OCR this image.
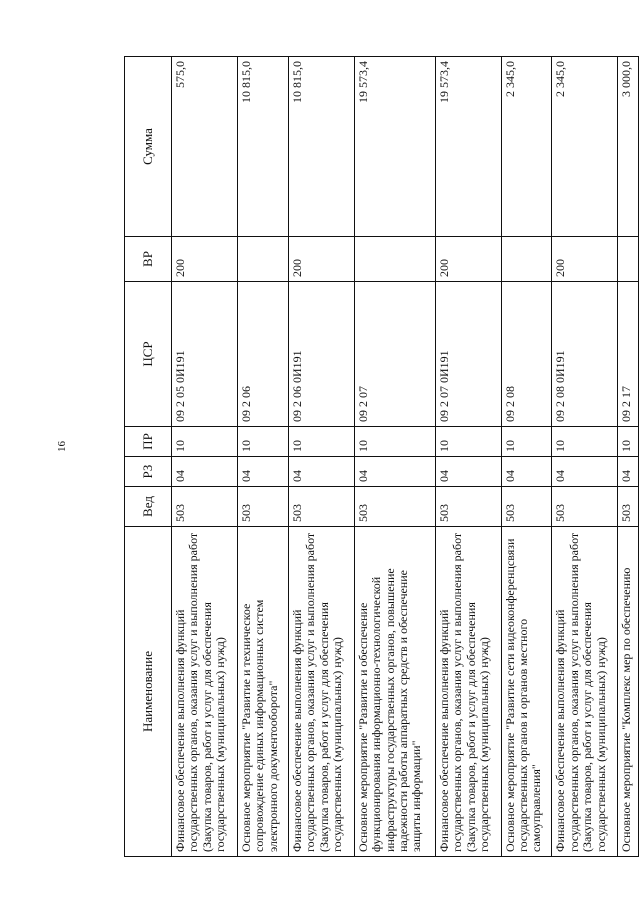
16
Наименование	Вед	РЗ	ПР	ЦСР	ВР	Сумма
Финансовое обеспечение выполнения функций государственных органов, оказания услуг и выполнения работ (Закупка товаров, работ и услуг для обеспечения государственных (муниципальных) нужд)	503	04	10	09 2 05 0И191	200	575,0
Основное мероприятие "Развитие и техническое сопровождение единых информационных систем электронного документооборота"	503	04	10	09 2 06		10 815,0
Финансовое обеспечение выполнения функций государственных органов, оказания услуг и выполнения работ (Закупка товаров, работ и услуг для обеспечения государственных (муниципальных) нужд)	503	04	10	09 2 06 0И191	200	10 815,0
Основное мероприятие "Развитие и обеспечение функционирования информационно-технологической инфраструктуры государственных органов, повышение надежности работы аппаратных средств и обеспечение защиты информации"	503	04	10	09 2 07		19 573,4
Финансовое обеспечение выполнения функций государственных органов, оказания услуг и выполнения работ (Закупка товаров, работ и услуг для обеспечения государственных (муниципальных) нужд)	503	04	10	09 2 07 0И191	200	19 573,4
Основное мероприятие "Развитие сети видеоконференцсвязи государственных органов и органов местного самоуправления"	503	04	10	09 2 08		2 345,0
Финансовое обеспечение выполнения функций государственных органов, оказания услуг и выполнения работ (Закупка товаров, работ и услуг для обеспечения государственных (муниципальных) нужд)	503	04	10	09 2 08 0И191	200	2 345,0
Основное мероприятие "Комплекс мер по обеспечению	503	04	10	09 2 17		3 000,0
